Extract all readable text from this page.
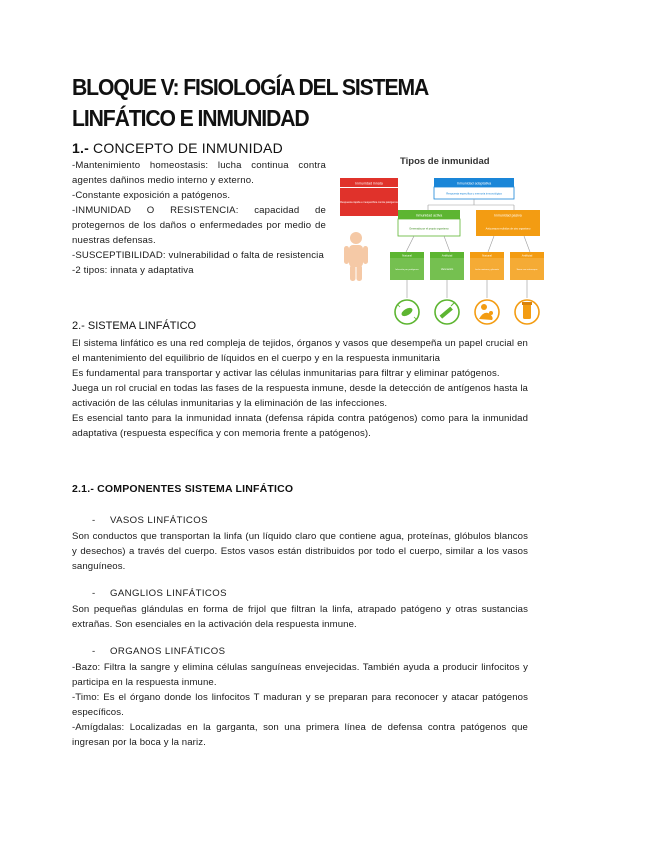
BLOQUE V: FISIOLOGÍA DEL SISTEMA LINFÁTICO E INMUNIDAD
1.- CONCEPTO DE INMUNIDAD

-Mantenimiento homeostasis: lucha continua contra agentes dañinos medio interno y externo.

-Constante exposición a patógenos.

-INMUNIDAD O RESISTENCIA: capacidad de protegernos de los daños o enfermedades por medio de nuestras defensas.

-SUSCEPTIBILIDAD: vulnerabilidad o falta de resistencia

-2 tipos: innata y adaptativa

Tipos de inmunidad
Inmunidad innata
Respuesta rápida e inespecífica contra patógenos
Inmunidad adaptativa
Respuesta específica y memoria inmunológica
Inmunidad activa
Generada por el propio organismo
Inmunidad pasiva
Anticuerpos recibidos de otro organismo
Natural
Infección por patógenos
Artificial
Vacunación
Natural
Leche materna y placenta
Artificial
Suero con anticuerpos
2.- SISTEMA LINFÁTICO

El sistema linfático es una red compleja de tejidos, órganos y vasos que desempeña un papel crucial en el mantenimiento del equilibrio de líquidos en el cuerpo y en la respuesta inmunitaria

Es fundamental para transportar y activar las células inmunitarias para filtrar y eliminar patógenos.

Juega un rol crucial en todas las fases de la respuesta inmune, desde la detección de antígenos hasta la activación de las células inmunitarias y la eliminación de las infecciones.

Es esencial tanto para la inmunidad innata (defensa rápida contra patógenos) como para la inmunidad adaptativa (respuesta específica y con memoria frente a patógenos).

2.1.- COMPONENTES SISTEMA LINFÁTICO
- VASOS LINFÁTICOS

Son conductos que transportan la linfa (un líquido claro que contiene agua, proteínas, glóbulos blancos y desechos) a través del cuerpo. Estos vasos están distribuidos por todo el cuerpo, similar a los vasos sanguíneos.

- GANGLIOS LINFÁTICOS

Son pequeñas glándulas en forma de frijol que filtran la linfa, atrapado patógeno y otras sustancias extrañas. Son esenciales en la activación dela respuesta inmune.

- ORGANOS LINFÁTICOS

-Bazo: Filtra la sangre y elimina células sanguíneas envejecidas. También ayuda a producir linfocitos y participa en la respuesta inmune.

-Timo: Es el órgano donde los linfocitos T maduran y se preparan para reconocer y atacar patógenos específicos.

-Amígdalas: Localizadas en la garganta, son una primera línea de defensa contra patógenos que ingresan por la boca y la nariz.
